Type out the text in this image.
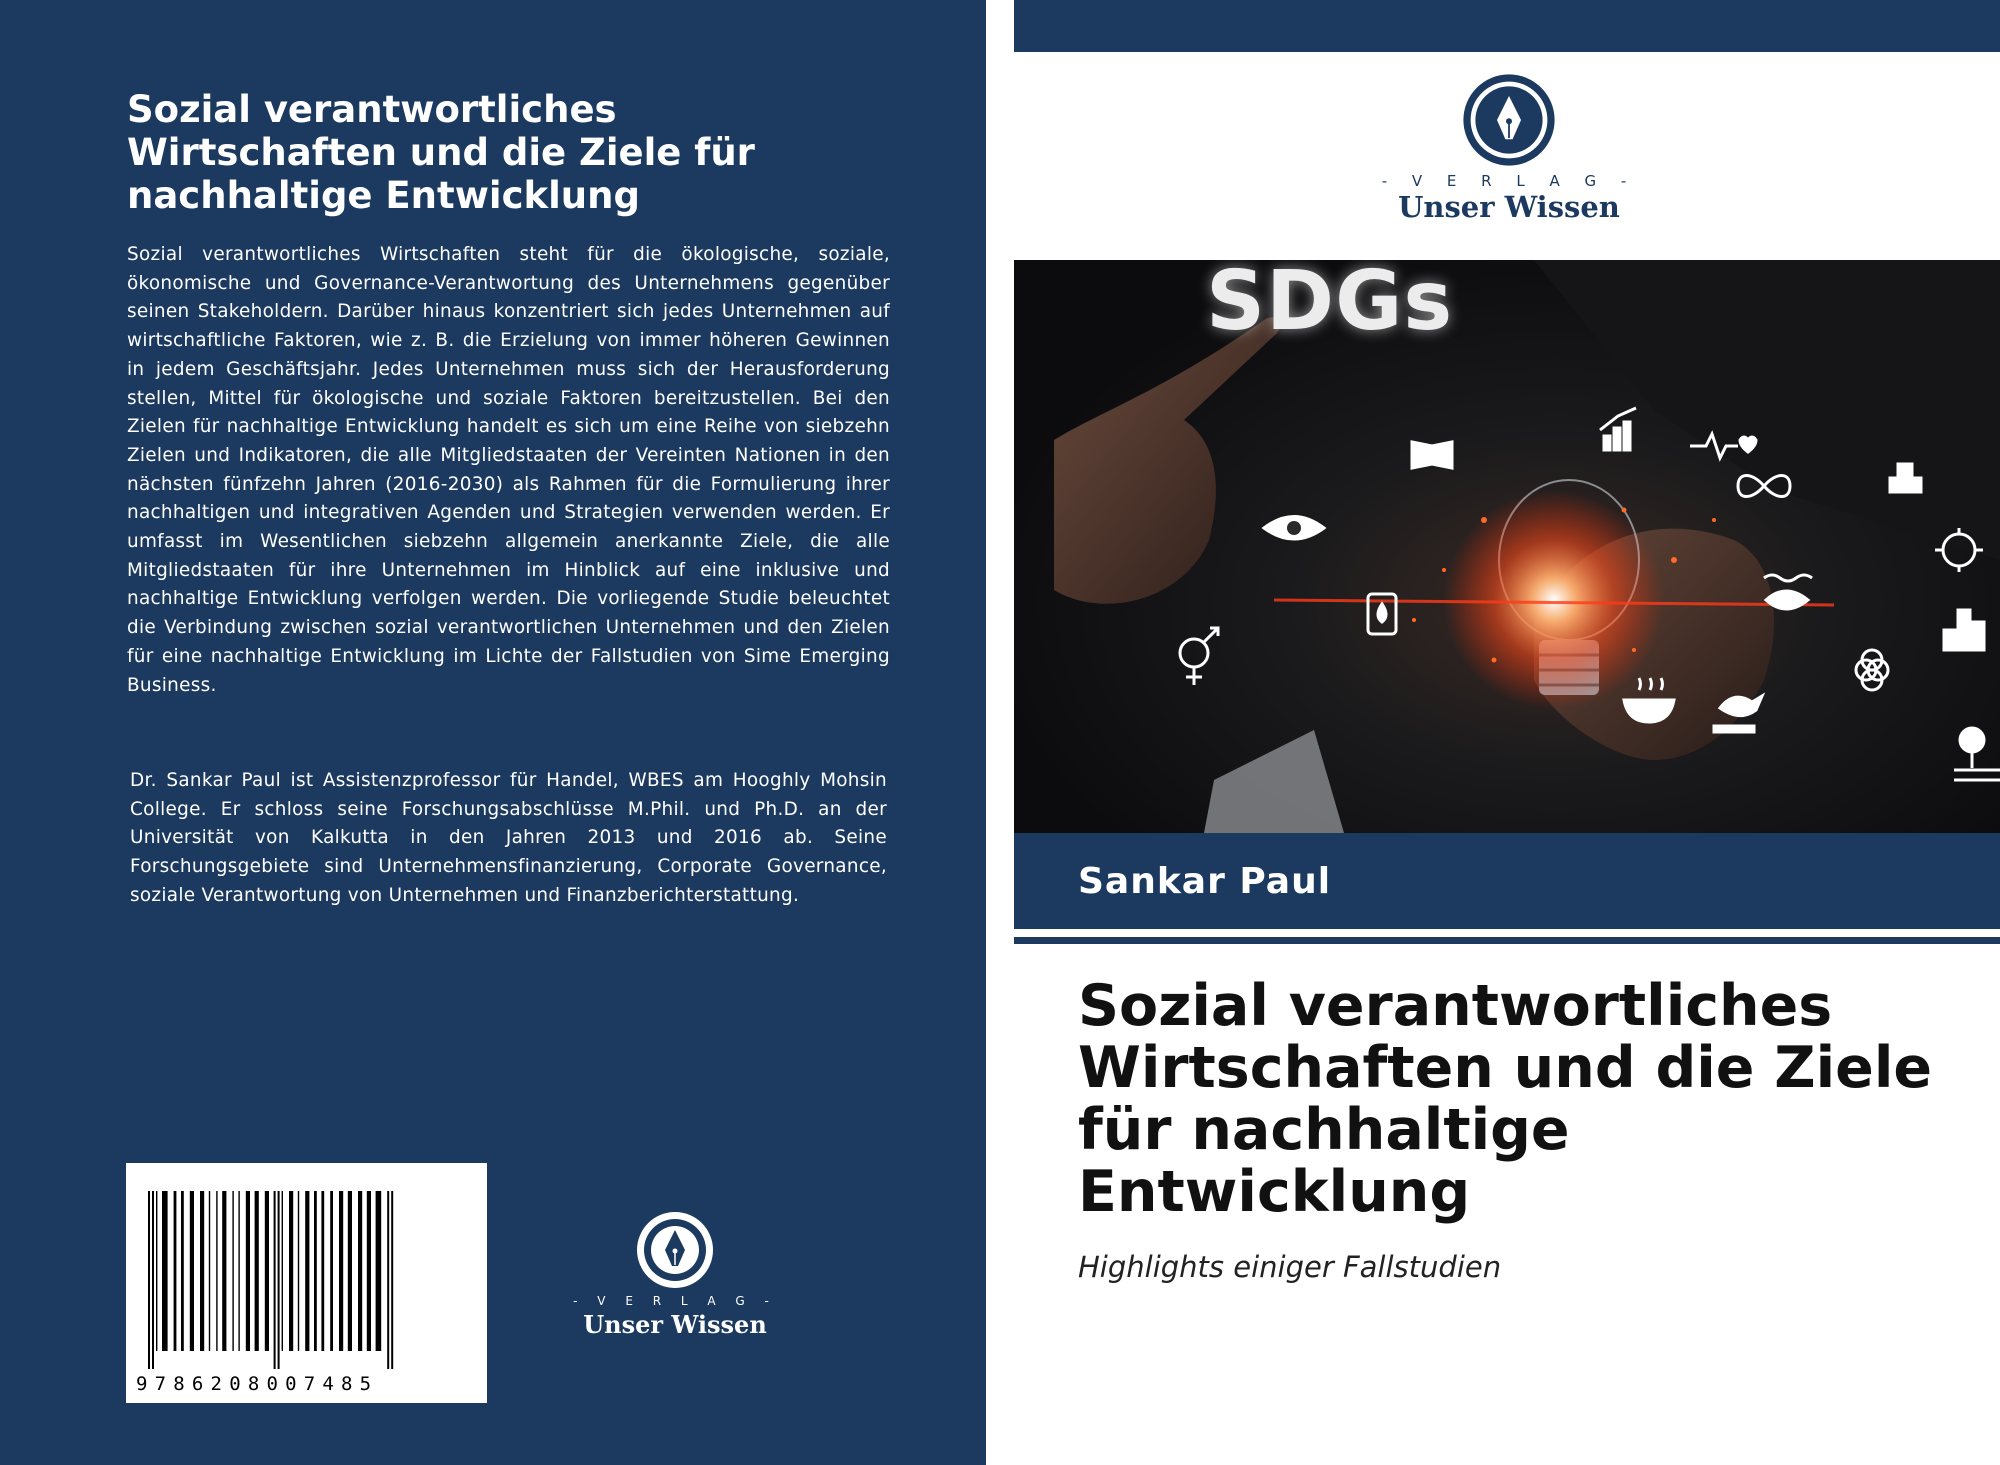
Sozial verantwortliches
Wirtschaften und die Ziele für
nachhaltige Entwicklung

Sozial verantwortliches Wirtschaften steht für die ökologische, soziale, ökonomische und Governance-Verantwortung des Unternehmens gegenüber seinen Stakeholdern. Darüber hinaus konzentriert sich jedes Unternehmen auf wirtschaftliche Faktoren, wie z. B. die Erzielung von immer höheren Gewinnen in jedem Geschäftsjahr. Jedes Unternehmen muss sich der Herausforderung stellen, Mittel für ökologische und soziale Faktoren bereitzustellen. Bei den Zielen für nachhaltige Entwicklung handelt es sich um eine Reihe von siebzehn Zielen und Indikatoren, die alle Mitgliedstaaten der Vereinten Nationen in den nächsten fünfzehn Jahren (2016-2030) als Rahmen für die Formulierung ihrer nachhaltigen und integrativen Agenden und Strategien verwenden werden. Er umfasst im Wesentlichen siebzehn allgemein anerkannte Ziele, die alle Mitgliedstaaten für ihre Unternehmen im Hinblick auf eine inklusive und nachhaltige Entwicklung verfolgen werden. Die vorliegende Studie beleuchtet die Verbindung zwischen sozial verantwortlichen Unternehmen und den Zielen für eine nachhaltige Entwicklung im Lichte der Fallstudien von Sime Emerging Business.

Dr. Sankar Paul ist Assistenzprofessor für Handel, WBES am Hooghly Mohsin College. Er schloss seine Forschungsabschlüsse M.Phil. und Ph.D. an der Universität von Kalkutta in den Jahren 2013 und 2016 ab. Seine Forschungsgebiete sind Unternehmensfinanzierung, Corporate Governance, soziale Verantwortung von Unternehmen und Finanzberichterstattung.

9786208007485
- V E R L A G -
Unser Wissen
- V E R L A G -
Unser Wissen
SDGs
Sankar Paul
Sozial verantwortliches
Wirtschaften und die Ziele
für nachhaltige
Entwicklung

Highlights einiger Fallstudien
